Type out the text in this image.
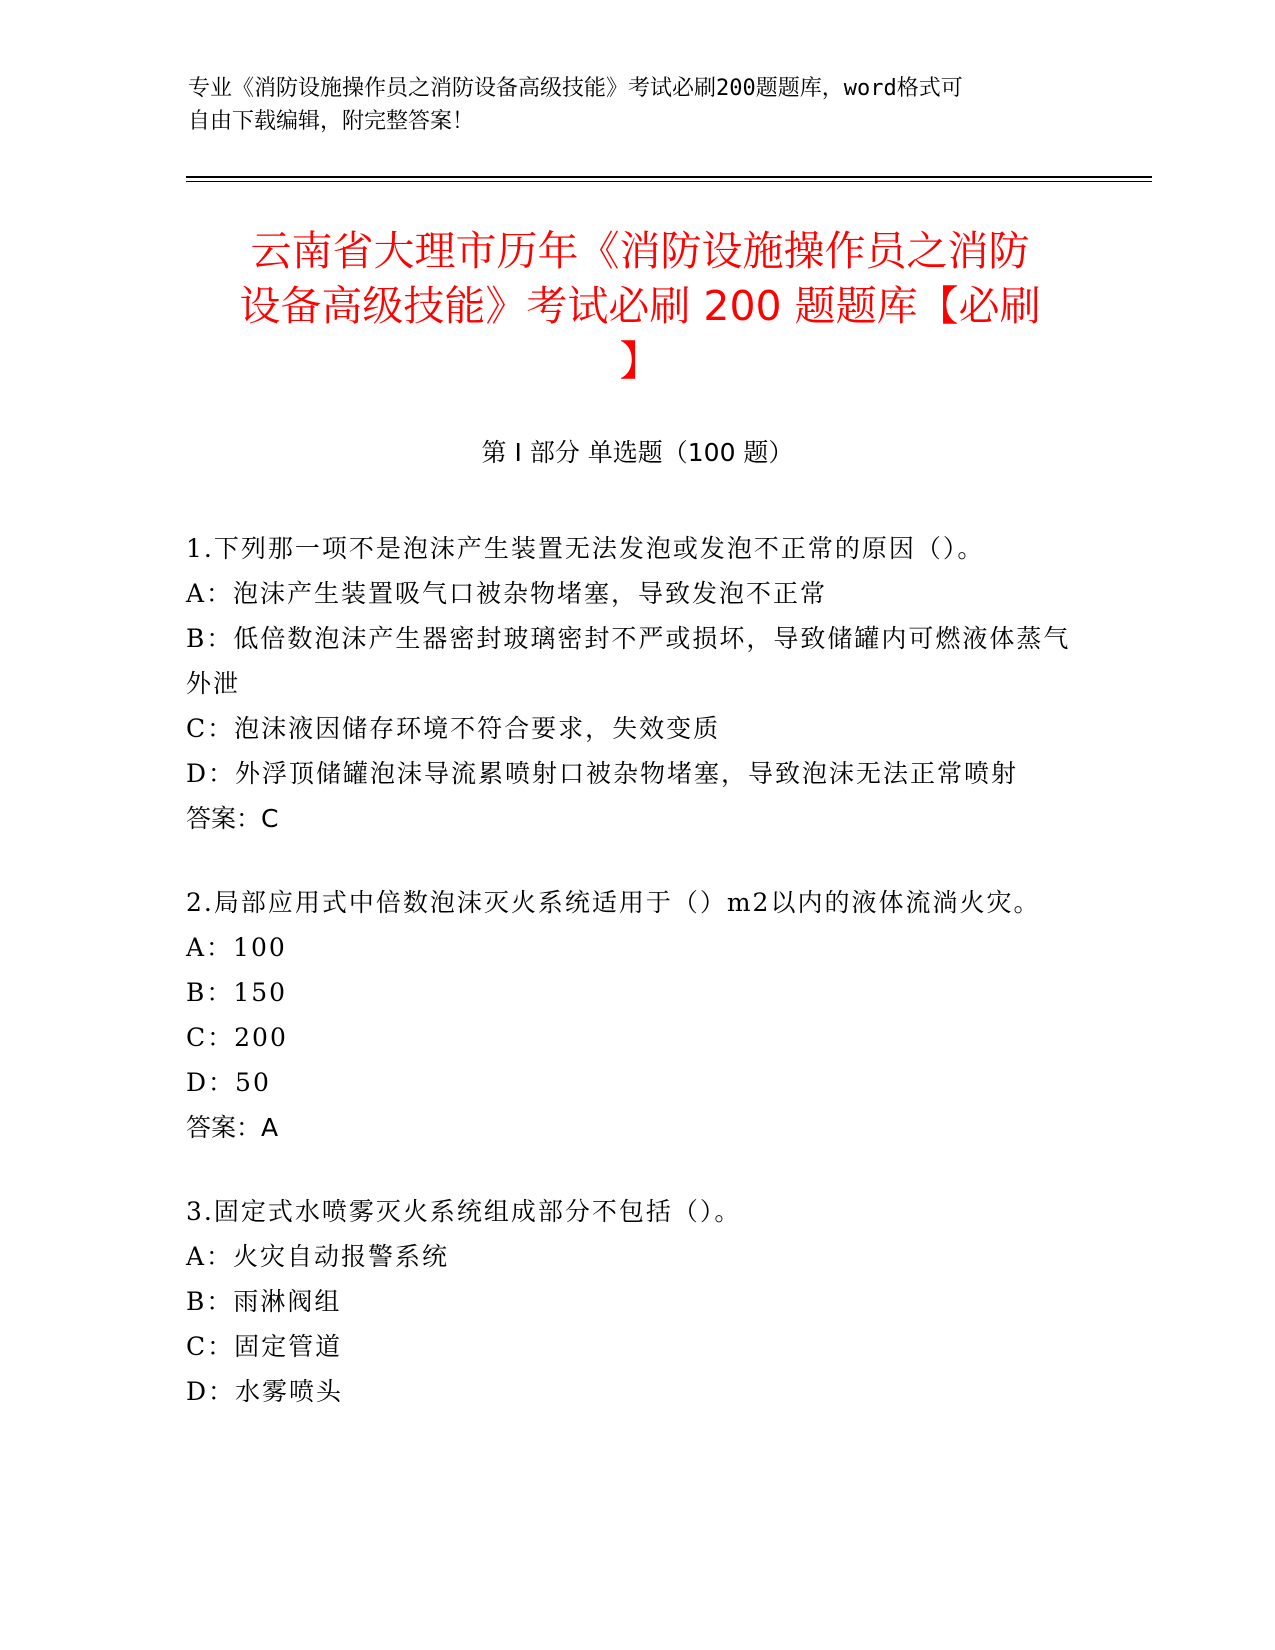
专业《消防设施操作员之消防设备高级技能》考试必刷200题题库，word格式可
自由下载编辑，附完整答案！
云南省大理市历年《消防设施操作员之消防
设备高级技能》考试必刷 200 题题库【必刷
】
第 I 部分 单选题（100 题）
1.下列那一项不是泡沫产生装置无法发泡或发泡不正常的原因（）。
A：泡沫产生装置吸气口被杂物堵塞，导致发泡不正常
B：低倍数泡沫产生器密封玻璃密封不严或损坏，导致储罐内可燃液体蒸气外泄
C：泡沫液因储存环境不符合要求，失效变质
D：外浮顶储罐泡沫导流累喷射口被杂物堵塞，导致泡沫无法正常喷射
答案：C
2.局部应用式中倍数泡沫灭火系统适用于（）m2以内的液体流淌火灾。
A：100
B：150
C：200
D：50
答案：A
3.固定式水喷雾灭火系统组成部分不包括（）。
A：火灾自动报警系统
B：雨淋阀组
C：固定管道
D：水雾喷头
